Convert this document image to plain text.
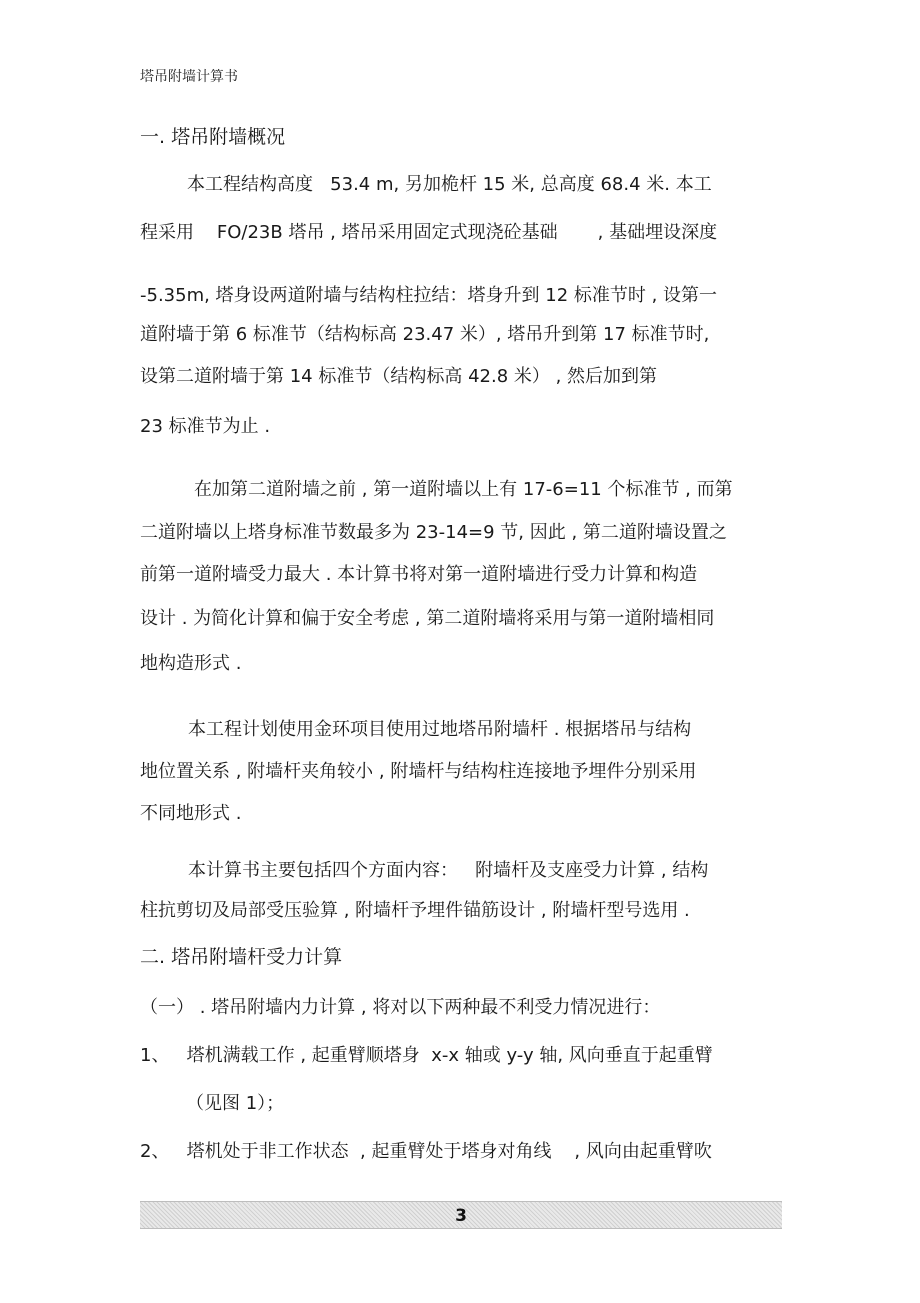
塔吊附墙计算书
一. 塔吊附墙概况
本工程结构高度   53.4 m, 另加桅杆 15 米, 总高度 68.4 米. 本工
程采用    FO/23B 塔吊 , 塔吊采用固定式现浇砼基础       , 基础埋设深度
-5.35m, 塔身设两道附墙与结构柱拉结：塔身升到 12 标准节时 , 设第一
道附墙于第 6 标准节（结构标高 23.47 米）, 塔吊升到第 17 标准节时,
设第二道附墙于第 14 标准节（结构标高 42.8 米） , 然后加到第
23 标准节为止 .
在加第二道附墙之前 , 第一道附墙以上有 17-6=11 个标准节 , 而第
二道附墙以上塔身标准节数最多为 23-14=9 节, 因此 , 第二道附墙设置之
前第一道附墙受力最大 . 本计算书将对第一道附墙进行受力计算和构造
设计 . 为简化计算和偏于安全考虑 , 第二道附墙将采用与第一道附墙相同
地构造形式 .
本工程计划使用金环项目使用过地塔吊附墙杆 . 根据塔吊与结构
地位置关系 , 附墙杆夹角较小 , 附墙杆与结构柱连接地予埋件分别采用
不同地形式 .
本计算书主要包括四个方面内容：   附墙杆及支座受力计算 , 结构
柱抗剪切及局部受压验算 , 附墙杆予埋件锚筋设计 , 附墙杆型号选用 .
二. 塔吊附墙杆受力计算
（一） . 塔吊附墙内力计算 , 将对以下两种最不利受力情况进行：
1、   塔机满载工作 , 起重臂顺塔身  x-x 轴或 y-y 轴, 风向垂直于起重臂
（见图 1）；
2、   塔机处于非工作状态  , 起重臂处于塔身对角线    , 风向由起重臂吹
3
